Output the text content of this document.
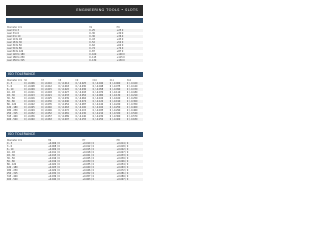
ENGINEERING TOOLS • SLOTS
Diameter mm	h9	H9
over 0 to 3	0 -25	+25 0
over 3 to 6	0 -30	+30 0
over 6 to 10	0 -36	+36 0
over 10 to 18	0 -43	+43 0
over 18 to 30	0 -52	+52 0
over 30 to 50	0 -62	+62 0
over 50 to 80	0 -74	+74 0
over 80 to 120	0 -87	+87 0
over 120 to 180	0 -100	+100 0
over 180 to 250	0 -115	+115 0
over 250 to 315	0 -130	+130 0
ISO TOLERANCE
Diameter mm	h6	h7	h8	h9	h10	h11	h12
0 - 3	0 / -0.006	0 / -0.010	0 / -0.014	0 / -0.025	0 / -0.040	0 / -0.060	0 / -0.100
3 - 6	0 / -0.008	0 / -0.012	0 / -0.018	0 / -0.030	0 / -0.048	0 / -0.075	0 / -0.120
6 - 10	0 / -0.009	0 / -0.015	0 / -0.022	0 / -0.036	0 / -0.058	0 / -0.090	0 / -0.150
10 - 18	0 / -0.011	0 / -0.018	0 / -0.027	0 / -0.043	0 / -0.070	0 / -0.110	0 / -0.180
18 - 30	0 / -0.013	0 / -0.021	0 / -0.033	0 / -0.052	0 / -0.084	0 / -0.130	0 / -0.210
30 - 50	0 / -0.016	0 / -0.025	0 / -0.039	0 / -0.062	0 / -0.100	0 / -0.160	0 / -0.250
50 - 80	0 / -0.019	0 / -0.030	0 / -0.046	0 / -0.074	0 / -0.120	0 / -0.190	0 / -0.300
80 - 120	0 / -0.022	0 / -0.035	0 / -0.054	0 / -0.087	0 / -0.140	0 / -0.220	0 / -0.350
120 - 180	0 / -0.025	0 / -0.040	0 / -0.063	0 / -0.100	0 / -0.160	0 / -0.250	0 / -0.400
180 - 250	0 / -0.029	0 / -0.046	0 / -0.072	0 / -0.115	0 / -0.185	0 / -0.290	0 / -0.460
250 - 315	0 / -0.032	0 / -0.052	0 / -0.081	0 / -0.130	0 / -0.210	0 / -0.320	0 / -0.520
315 - 400	0 / -0.036	0 / -0.057	0 / -0.089	0 / -0.140	0 / -0.230	0 / -0.360	0 / -0.570
400 - 500	0 / -0.040	0 / -0.063	0 / -0.097	0 / -0.155	0 / -0.250	0 / -0.400	0 / -0.630
ISO TOLERANCE
Diameter mm	H6	H7	H8
0 - 3	+0.006 / 0	+0.010 / 0	+0.014 / 0
3 - 6	+0.008 / 0	+0.012 / 0	+0.018 / 0
6 - 10	+0.009 / 0	+0.015 / 0	+0.022 / 0
10 - 18	+0.011 / 0	+0.018 / 0	+0.027 / 0
18 - 30	+0.013 / 0	+0.021 / 0	+0.033 / 0
30 - 50	+0.016 / 0	+0.025 / 0	+0.039 / 0
50 - 80	+0.019 / 0	+0.030 / 0	+0.046 / 0
80 - 120	+0.022 / 0	+0.035 / 0	+0.054 / 0
120 - 180	+0.025 / 0	+0.040 / 0	+0.063 / 0
180 - 250	+0.029 / 0	+0.046 / 0	+0.072 / 0
250 - 315	+0.032 / 0	+0.052 / 0	+0.081 / 0
315 - 400	+0.036 / 0	+0.057 / 0	+0.089 / 0
400 - 500	+0.040 / 0	+0.063 / 0	+0.097 / 0
